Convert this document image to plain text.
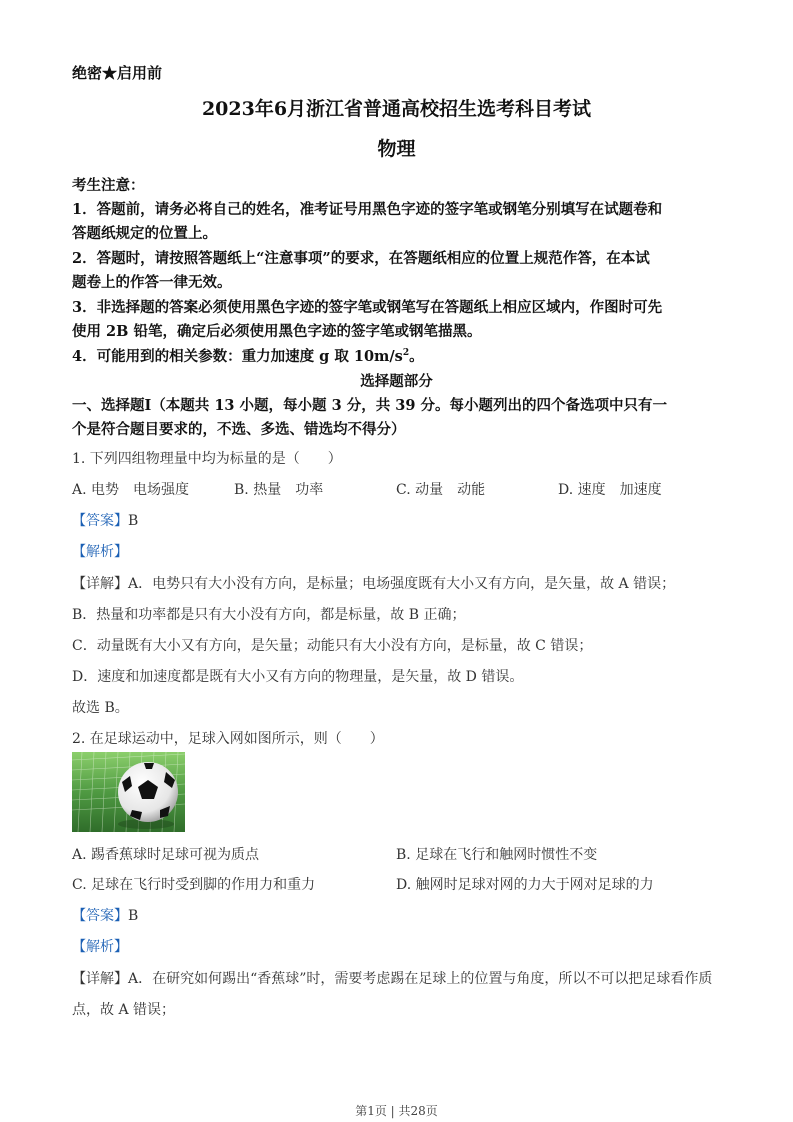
绝密★启用前
2023年6月浙江省普通高校招生选考科目考试
物理
考生注意：
1．答题前，请务必将自己的姓名，准考证号用黑色字迹的签字笔或钢笔分别填写在试题卷和
答题纸规定的位置上。
2．答题时，请按照答题纸上“注意事项”的要求，在答题纸相应的位置上规范作答，在本试
题卷上的作答一律无效。
3．非选择题的答案必须使用黑色字迹的签字笔或钢笔写在答题纸上相应区域内，作图时可先
使用 2B 铅笔，确定后必须使用黑色字迹的签字笔或钢笔描黑。
4．可能用到的相关参数：重力加速度 g 取 $10m/s^2$。
选择题部分
一、选择题Ⅰ（本题共 13 小题，每小题 3 分，共 39 分。每小题列出的四个备选项中只有一
个是符合题目要求的，不选、多选、错选均不得分）
1. 下列四组物理量中均为标量的是（　　）
A. 电势　电场强度	B. 热量　功率	C. 动量　动能	D. 速度　加速度
【答案】B
【解析】
【详解】A．电势只有大小没有方向，是标量；电场强度既有大小又有方向，是矢量，故 A 错误；
B．热量和功率都是只有大小没有方向，都是标量，故 B 正确；
C．动量既有大小又有方向，是矢量；动能只有大小没有方向，是标量，故 C 错误；
D．速度和加速度都是既有大小又有方向的物理量，是矢量，故 D 错误。
故选 B。
2. 在足球运动中，足球入网如图所示，则（　　）
A. 踢香蕉球时足球可视为质点	B. 足球在飞行和触网时惯性不变
C. 足球在飞行时受到脚的作用力和重力	D. 触网时足球对网的力大于网对足球的力
【答案】B
【解析】
【详解】A．在研究如何踢出“香蕉球”时，需要考虑踢在足球上的位置与角度，所以不可以把足球看作质
点，故 A 错误；
第1页 | 共28页
